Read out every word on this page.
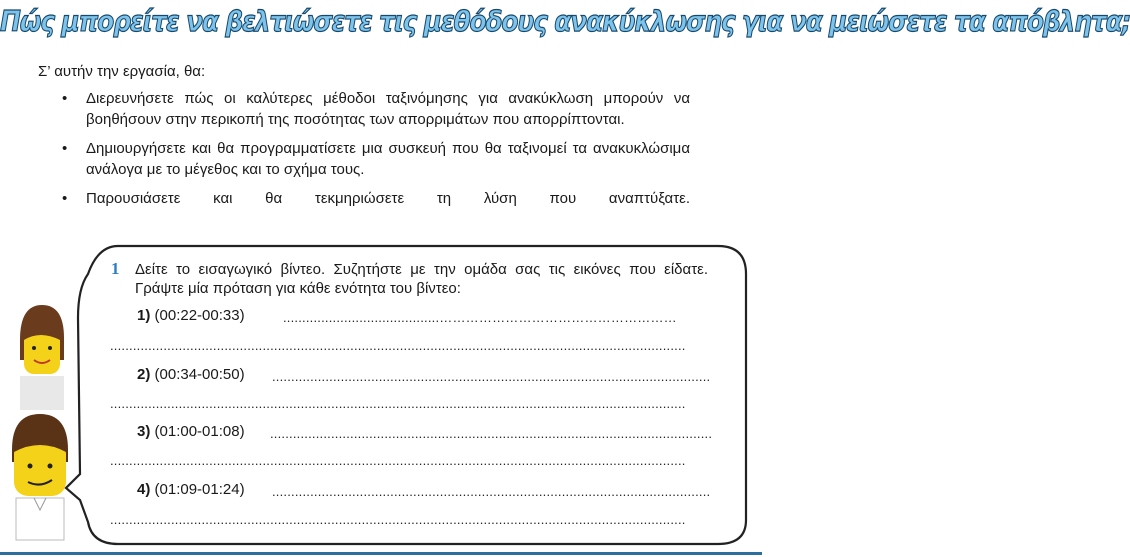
Πώς μπορείτε να βελτιώσετε τις μεθόδους ανακύκλωσης για να μειώσετε τα απόβλητα;
Σ’ αυτήν την εργασία, θα:
• Διερευνήσετε πώς οι καλύτερες μέθοδοι ταξινόμησης για ανακύκλωση μπορούν να βοηθήσουν στην περικοπή της ποσότητας των απορριμάτων που απορρίπτονται.
• Δημιουργήσετε και θα προγραμματίσετε μια συσκευή που θα ταξινομεί τα ανακυκλώσιμα ανάλογα με το μέγεθος και το σχήμα τους.
• Παρουσιάσετε και θα τεκμηριώσετε τη λύση που αναπτύξατε.
1 Δείτε το εισαγωγικό βίντεο. Συζητήστε με την ομάδα σας τις εικόνες που είδατε. Γράψτε μία πρόταση για κάθε ενότητα του βίντεο:
1) (00:22-00:33)	.........................................………………………………………………
.......................................................................................................................................................
2) (00:34-00:50) ...................................................................................................................
.......................................................................................................................................................
3) (01:00-01:08) ....................................................................................................................
.......................................................................................................................................................
4) (01:09-01:24) ...................................................................................................................
.......................................................................................................................................................
